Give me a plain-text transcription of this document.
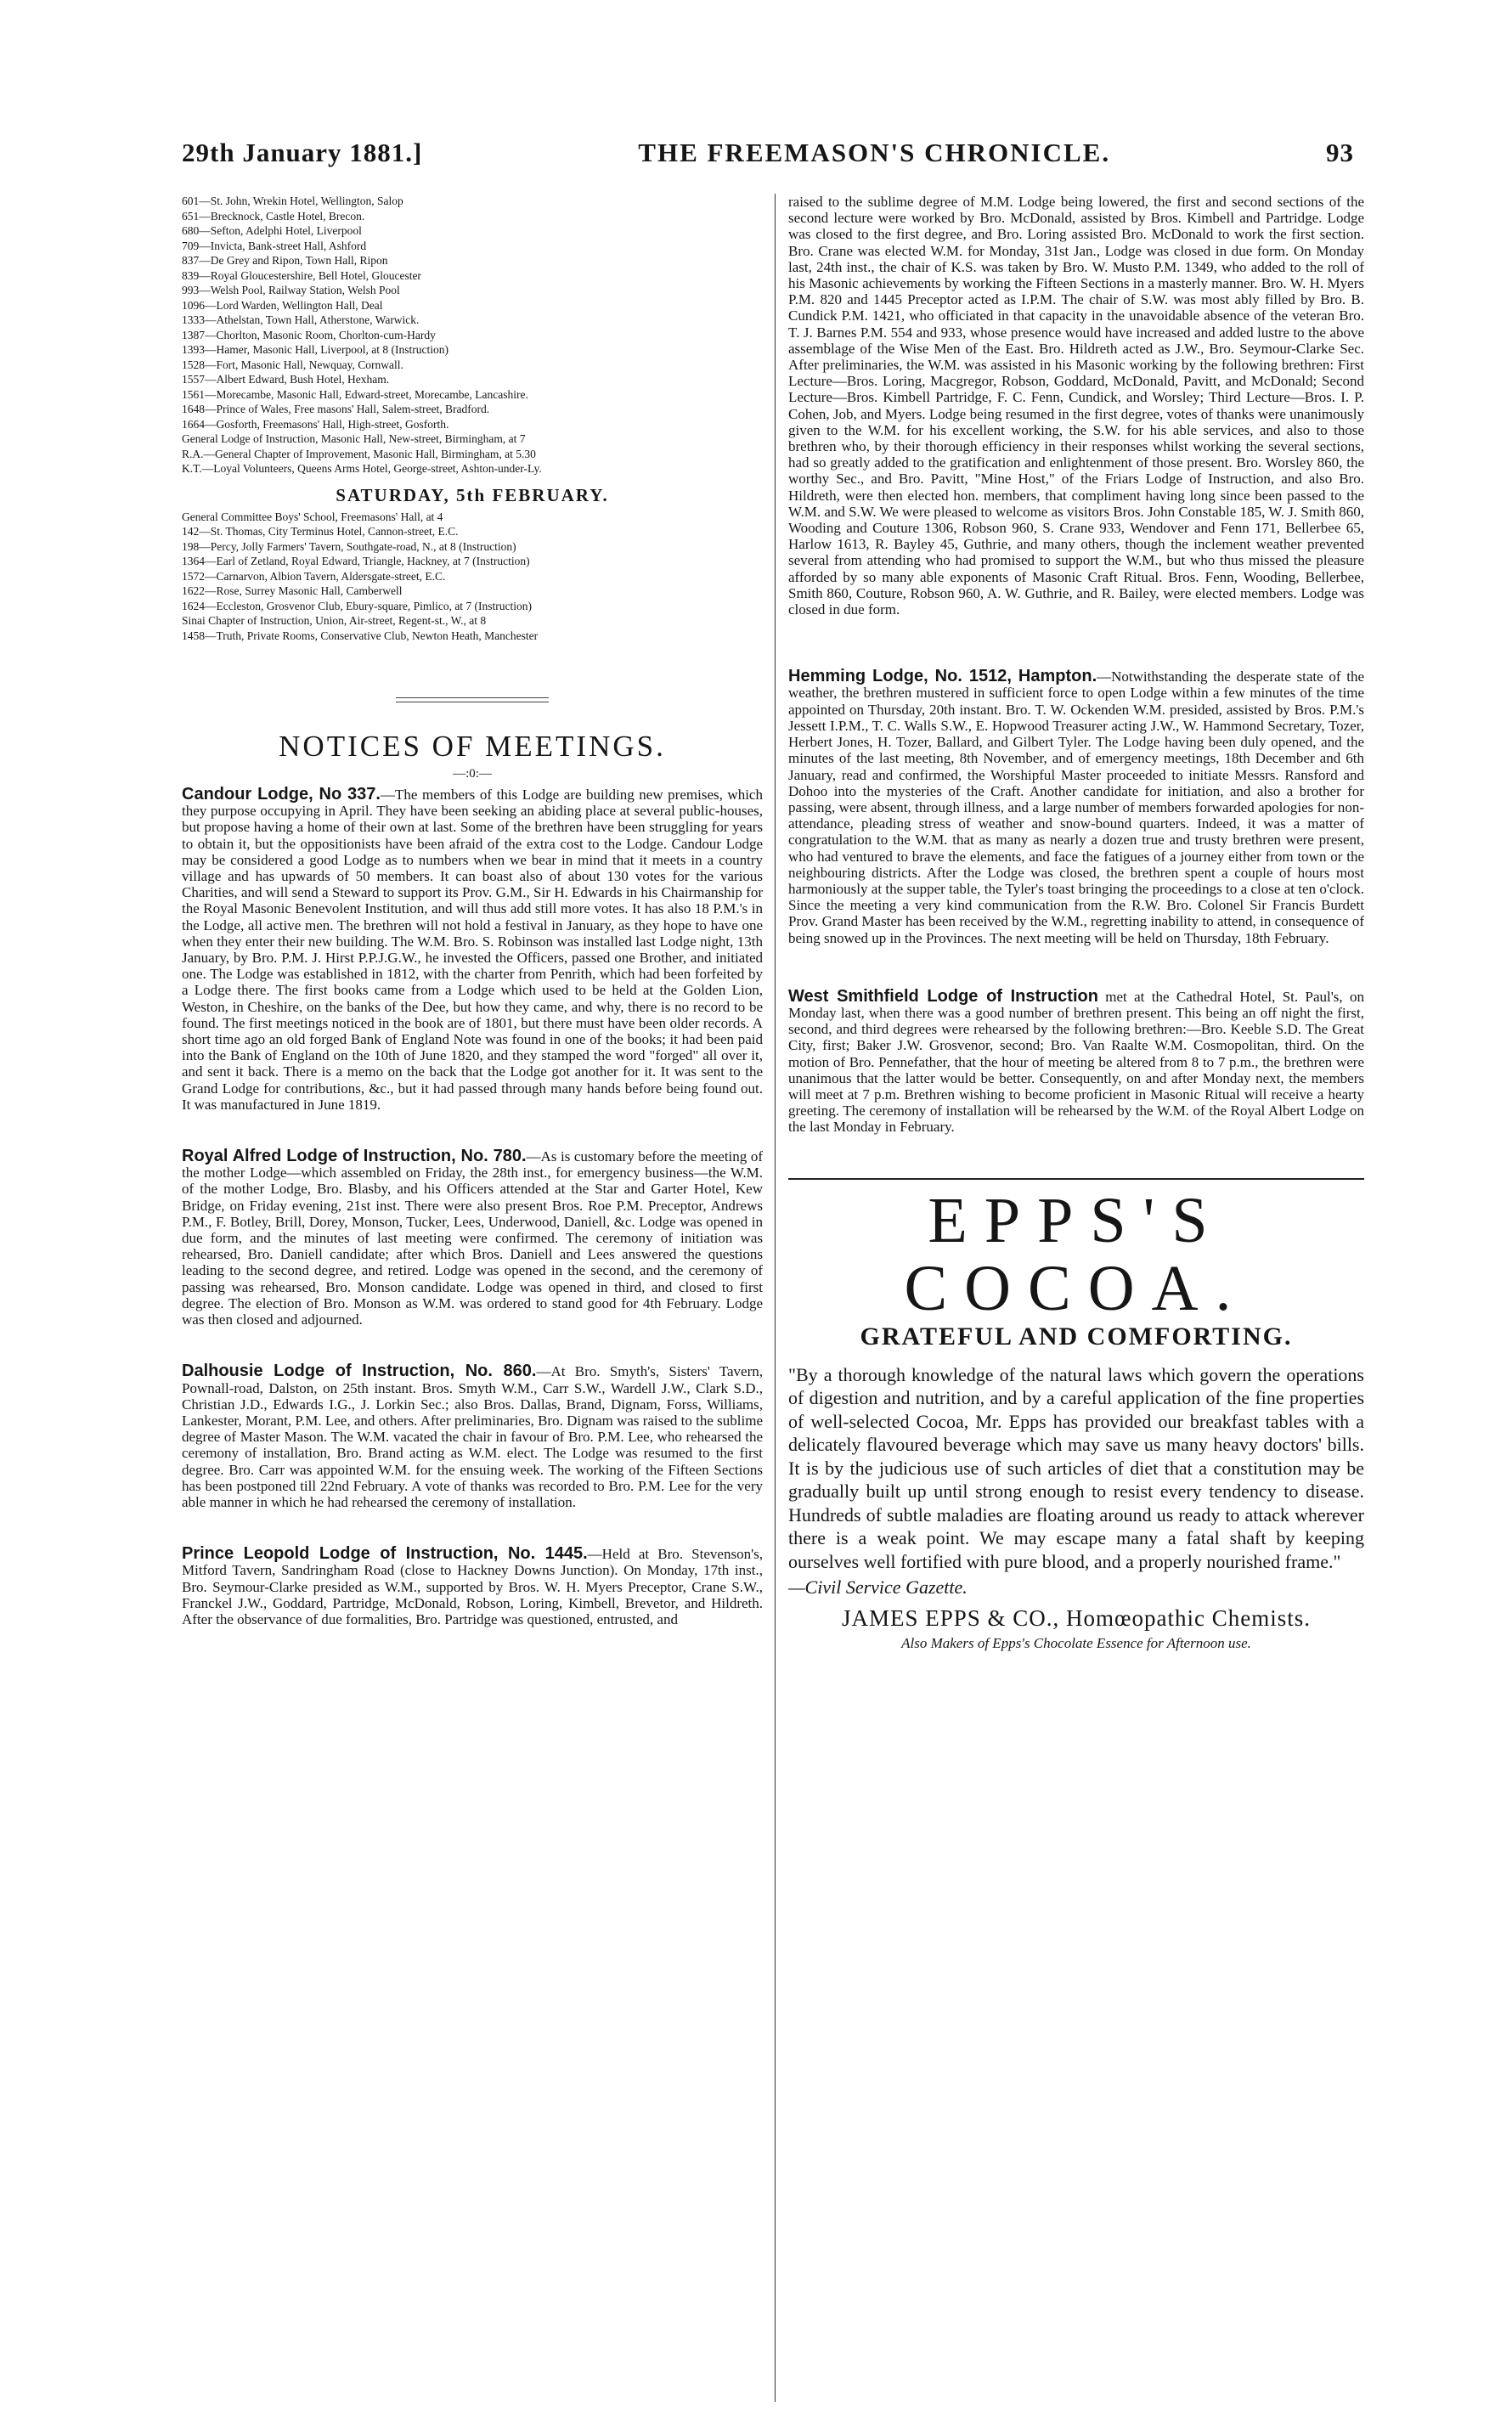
29th January 1881.]	THE FREEMASON'S CHRONICLE.	93
601—St. John, Wrekin Hotel, Wellington, Salop
651—Brecknock, Castle Hotel, Brecon.
680—Sefton, Adelphi Hotel, Liverpool
709—Invicta, Bank-street Hall, Ashford
837—De Grey and Ripon, Town Hall, Ripon
839—Royal Gloucestershire, Bell Hotel, Gloucester
993—Welsh Pool, Railway Station, Welsh Pool
1096—Lord Warden, Wellington Hall, Deal
1333—Athelstan, Town Hall, Atherstone, Warwick.
1387—Chorlton, Masonic Room, Chorlton-cum-Hardy
1393—Hamer, Masonic Hall, Liverpool, at 8 (Instruction)
1528—Fort, Masonic Hall, Newquay, Cornwall.
1557—Albert Edward, Bush Hotel, Hexham.
1561—Morecambe, Masonic Hall, Edward-street, Morecambe, Lancashire.
1648—Prince of Wales, Free masons' Hall, Salem-street, Bradford.
1664—Gosforth, Freemasons' Hall, High-street, Gosforth.
General Lodge of Instruction, Masonic Hall, New-street, Birmingham, at 7
R.A.—General Chapter of Improvement, Masonic Hall, Birmingham, at 5.30
K.T.—Loyal Volunteers, Queens Arms Hotel, George-street, Ashton-under-Ly.
SATURDAY, 5th FEBRUARY.
General Committee Boys' School, Freemasons' Hall, at 4
142—St. Thomas, City Terminus Hotel, Cannon-street, E.C.
198—Percy, Jolly Farmers' Tavern, Southgate-road, N., at 8 (Instruction)
1364—Earl of Zetland, Royal Edward, Triangle, Hackney, at 7 (Instruction)
1572—Carnarvon, Albion Tavern, Aldersgate-street, E.C.
1622—Rose, Surrey Masonic Hall, Camberwell
1624—Eccleston, Grosvenor Club, Ebury-square, Pimlico, at 7 (Instruction)
Sinai Chapter of Instruction, Union, Air-street, Regent-st., W., at 8
1458—Truth, Private Rooms, Conservative Club, Newton Heath, Manchester
NOTICES OF MEETINGS.
—:0:—

Candour Lodge, No 337.—The members of this Lodge are building new premises, which they purpose occupying in April. They have been seeking an abiding place at several public-houses, but propose having a home of their own at last. Some of the brethren have been struggling for years to obtain it, but the oppositionists have been afraid of the extra cost to the Lodge. Candour Lodge may be considered a good Lodge as to numbers when we bear in mind that it meets in a country village and has upwards of 50 members. It can boast also of about 130 votes for the various Charities, and will send a Steward to support its Prov. G.M., Sir H. Edwards in his Chairmanship for the Royal Masonic Benevolent Institution, and will thus add still more votes. It has also 18 P.M.'s in the Lodge, all active men. The brethren will not hold a festival in January, as they hope to have one when they enter their new building. The W.M. Bro. S. Robinson was installed last Lodge night, 13th January, by Bro. P.M. J. Hirst P.P.J.G.W., he invested the Officers, passed one Brother, and initiated one. The Lodge was established in 1812, with the charter from Penrith, which had been forfeited by a Lodge there. The first books came from a Lodge which used to be held at the Golden Lion, Weston, in Cheshire, on the banks of the Dee, but how they came, and why, there is no record to be found. The first meetings noticed in the book are of 1801, but there must have been older records. A short time ago an old forged Bank of England Note was found in one of the books; it had been paid into the Bank of England on the 10th of June 1820, and they stamped the word "forged" all over it, and sent it back. There is a memo on the back that the Lodge got another for it. It was sent to the Grand Lodge for contributions, &c., but it had passed through many hands before being found out. It was manufactured in June 1819.

Royal Alfred Lodge of Instruction, No. 780.—As is customary before the meeting of the mother Lodge—which assembled on Friday, the 28th inst., for emergency business—the W.M. of the mother Lodge, Bro. Blasby, and his Officers attended at the Star and Garter Hotel, Kew Bridge, on Friday evening, 21st inst. There were also present Bros. Roe P.M. Preceptor, Andrews P.M., F. Botley, Brill, Dorey, Monson, Tucker, Lees, Underwood, Daniell, &c. Lodge was opened in due form, and the minutes of last meeting were confirmed. The ceremony of initiation was rehearsed, Bro. Daniell candidate; after which Bros. Daniell and Lees answered the questions leading to the second degree, and retired. Lodge was opened in the second, and the ceremony of passing was rehearsed, Bro. Monson candidate. Lodge was opened in third, and closed to first degree. The election of Bro. Monson as W.M. was ordered to stand good for 4th February. Lodge was then closed and adjourned.

Dalhousie Lodge of Instruction, No. 860.—At Bro. Smyth's, Sisters' Tavern, Pownall-road, Dalston, on 25th instant. Bros. Smyth W.M., Carr S.W., Wardell J.W., Clark S.D., Christian J.D., Edwards I.G., J. Lorkin Sec.; also Bros. Dallas, Brand, Dignam, Forss, Williams, Lankester, Morant, P.M. Lee, and others. After preliminaries, Bro. Dignam was raised to the sublime degree of Master Mason. The W.M. vacated the chair in favour of Bro. P.M. Lee, who rehearsed the ceremony of installation, Bro. Brand acting as W.M. elect. The Lodge was resumed to the first degree. Bro. Carr was appointed W.M. for the ensuing week. The working of the Fifteen Sections has been postponed till 22nd February. A vote of thanks was recorded to Bro. P.M. Lee for the very able manner in which he had rehearsed the ceremony of installation.

Prince Leopold Lodge of Instruction, No. 1445.—Held at Bro. Stevenson's, Mitford Tavern, Sandringham Road (close to Hackney Downs Junction). On Monday, 17th inst., Bro. Seymour-Clarke presided as W.M., supported by Bros. W. H. Myers Preceptor, Crane S.W., Franckel J.W., Goddard, Partridge, McDonald, Robson, Loring, Kimbell, Brevetor, and Hildreth. After the observance of due formalities, Bro. Partridge was questioned, entrusted, and

raised to the sublime degree of M.M. Lodge being lowered, the first and second sections of the second lecture were worked by Bro. McDonald, assisted by Bros. Kimbell and Partridge. Lodge was closed to the first degree, and Bro. Loring assisted Bro. McDonald to work the first section. Bro. Crane was elected W.M. for Monday, 31st Jan., Lodge was closed in due form. On Monday last, 24th inst., the chair of K.S. was taken by Bro. W. Musto P.M. 1349, who added to the roll of his Masonic achievements by working the Fifteen Sections in a masterly manner. Bro. W. H. Myers P.M. 820 and 1445 Preceptor acted as I.P.M. The chair of S.W. was most ably filled by Bro. B. Cundick P.M. 1421, who officiated in that capacity in the unavoidable absence of the veteran Bro. T. J. Barnes P.M. 554 and 933, whose presence would have increased and added lustre to the above assemblage of the Wise Men of the East. Bro. Hildreth acted as J.W., Bro. Seymour-Clarke Sec. After preliminaries, the W.M. was assisted in his Masonic working by the following brethren: First Lecture—Bros. Loring, Macgregor, Robson, Goddard, McDonald, Pavitt, and McDonald; Second Lecture—Bros. Kimbell Partridge, F. C. Fenn, Cundick, and Worsley; Third Lecture—Bros. I. P. Cohen, Job, and Myers. Lodge being resumed in the first degree, votes of thanks were unanimously given to the W.M. for his excellent working, the S.W. for his able services, and also to those brethren who, by their thorough efficiency in their responses whilst working the several sections, had so greatly added to the gratification and enlightenment of those present. Bro. Worsley 860, the worthy Sec., and Bro. Pavitt, "Mine Host," of the Friars Lodge of Instruction, and also Bro. Hildreth, were then elected hon. members, that compliment having long since been passed to the W.M. and S.W. We were pleased to welcome as visitors Bros. John Constable 185, W. J. Smith 860, Wooding and Couture 1306, Robson 960, S. Crane 933, Wendover and Fenn 171, Bellerbee 65, Harlow 1613, R. Bayley 45, Guthrie, and many others, though the inclement weather prevented several from attending who had promised to support the W.M., but who thus missed the pleasure afforded by so many able exponents of Masonic Craft Ritual. Bros. Fenn, Wooding, Bellerbee, Smith 860, Couture, Robson 960, A. W. Guthrie, and R. Bailey, were elected members. Lodge was closed in due form.

Hemming Lodge, No. 1512, Hampton.—Notwithstanding the desperate state of the weather, the brethren mustered in sufficient force to open Lodge within a few minutes of the time appointed on Thursday, 20th instant. Bro. T. W. Ockenden W.M. presided, assisted by Bros. P.M.'s Jessett I.P.M., T. C. Walls S.W., E. Hopwood Treasurer acting J.W., W. Hammond Secretary, Tozer, Herbert Jones, H. Tozer, Ballard, and Gilbert Tyler. The Lodge having been duly opened, and the minutes of the last meeting, 8th November, and of emergency meetings, 18th December and 6th January, read and confirmed, the Worshipful Master proceeded to initiate Messrs. Ransford and Dohoo into the mysteries of the Craft. Another candidate for initiation, and also a brother for passing, were absent, through illness, and a large number of members forwarded apologies for non-attendance, pleading stress of weather and snow-bound quarters. Indeed, it was a matter of congratulation to the W.M. that as many as nearly a dozen true and trusty brethren were present, who had ventured to brave the elements, and face the fatigues of a journey either from town or the neighbouring districts. After the Lodge was closed, the brethren spent a couple of hours most harmoniously at the supper table, the Tyler's toast bringing the proceedings to a close at ten o'clock. Since the meeting a very kind communication from the R.W. Bro. Colonel Sir Francis Burdett Prov. Grand Master has been received by the W.M., regretting inability to attend, in consequence of being snowed up in the Provinces. The next meeting will be held on Thursday, 18th February.

West Smithfield Lodge of Instruction met at the Cathedral Hotel, St. Paul's, on Monday last, when there was a good number of brethren present. This being an off night the first, second, and third degrees were rehearsed by the following brethren:—Bro. Keeble S.D. The Great City, first; Baker J.W. Grosvenor, second; Bro. Van Raalte W.M. Cosmopolitan, third. On the motion of Bro. Pennefather, that the hour of meeting be altered from 8 to 7 p.m., the brethren were unanimous that the latter would be better. Consequently, on and after Monday next, the members will meet at 7 p.m. Brethren wishing to become proficient in Masonic Ritual will receive a hearty greeting. The ceremony of installation will be rehearsed by the W.M. of the Royal Albert Lodge on the last Monday in February.

EPPS'S COCOA.
GRATEFUL AND COMFORTING.

"By a thorough knowledge of the natural laws which govern the operations of digestion and nutrition, and by a careful application of the fine properties of well-selected Cocoa, Mr. Epps has provided our breakfast tables with a delicately flavoured beverage which may save us many heavy doctors' bills. It is by the judicious use of such articles of diet that a constitution may be gradually built up until strong enough to resist every tendency to disease. Hundreds of subtle maladies are floating around us ready to attack wherever there is a weak point. We may escape many a fatal shaft by keeping ourselves well fortified with pure blood, and a properly nourished frame."

—Civil Service Gazette.
JAMES EPPS & CO., Homœopathic Chemists.
Also Makers of Epps's Chocolate Essence for Afternoon use.
